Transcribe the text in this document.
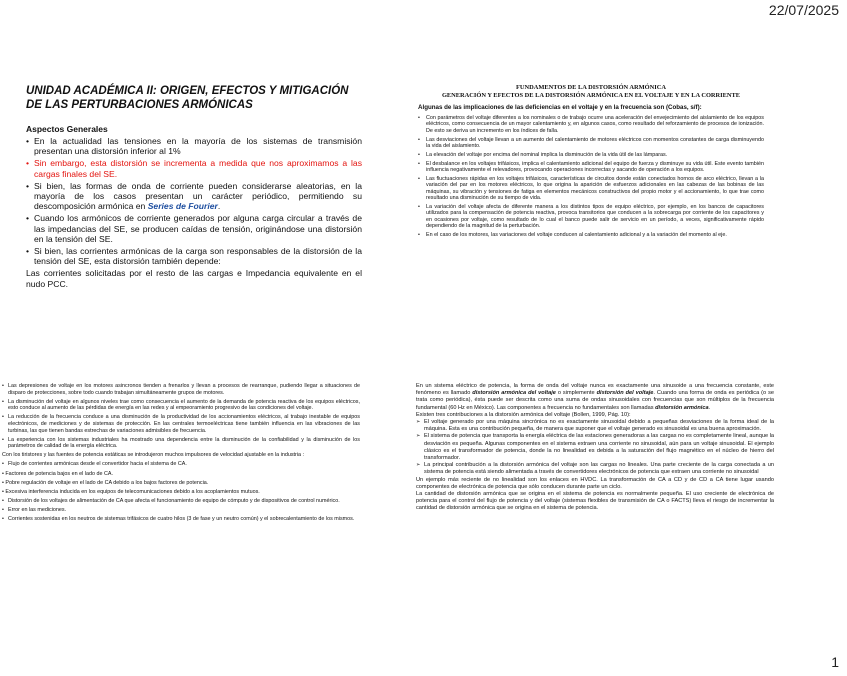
22/07/2025
UNIDAD ACADÉMICA II: ORIGEN, EFECTOS Y MITIGACIÓN DE LAS PERTURBACIONES ARMÓNICAS
Aspectos Generales
• En la actualidad las tensiones en la mayoría de los sistemas de transmisión presentan una distorsión inferior al 1%
• Sin embargo, esta distorsión se incrementa a medida que nos aproximamos a las cargas finales del SE.
• Si bien, las formas de onda de corriente pueden considerarse aleatorias, en la mayoría de los casos presentan un carácter periódico, permitiendo su descomposición armónica en Series de Fourier.
• Cuando los armónicos de corriente generados por alguna carga circular a través de las impedancias del SE, se producen caídas de tensión, originándose una distorsión en la tensión del SE.
• Si bien, las corrientes armónicas de la carga son responsables de la distorsión de la tensión del SE, esta distorsión también depende:
Las corrientes solicitadas por el resto de las cargas e Impedancia equivalente en el nudo PCC.
FUNDAMENTOS DE LA DISTORSIÓN ARMÓNICA
GENERACIÓN Y EFECTOS DE LA DISTORSIÓN ARMÓNICA EN EL VOLTAJE Y EN LA CORRIENTE
Algunas de las implicaciones de las deficiencias en el voltaje y en la frecuencia son (Cobas, s/f):
• Con parámetros del voltaje diferentes a los nominales o de trabajo ocurre una aceleración del envejecimiento del aislamiento de los equipos eléctricos, como consecuencia de un mayor calentamiento y, en algunos casos, como resultado del reforzamiento de procesos de ionización. De esto se deriva un incremento en los índices de falla.
• Las desviaciones del voltaje llevan a un aumento del calentamiento de motores eléctricos con momentos constantes de carga disminuyendo la vida del aislamiento.
• La elevación del voltaje por encima del nominal implica la disminución de la vida útil de las lámparas.
• El desbalance en los voltajes trifásicos, implica el calentamiento adicional del equipo de fuerza y disminuye su vida útil. Este evento también influencia negativamente el relevadores, provocando operaciones incorrectas y sacando de operación a los equipos.
• Las fluctuaciones rápidas en los voltajes trifásicos, características de circuitos donde están conectados hornos de arco eléctrico, llevan a la variación del par en los motores eléctricos, lo que origina la aparición de esfuerzos adicionales en las cabezas de las bobinas de las máquinas, su vibración y tensiones de fatiga en elementos mecánicos constructivos del propio motor y el accionamiento, lo que trae como resultado una disminución de su tiempo de vida.
• La variación del voltaje afecta de diferente manera a los distintos tipos de equipo eléctrico, por ejemplo, en los bancos de capacitores utilizados para la compensación de potencia reactiva, provoca transitorios que conducen a la sobrecarga por corriente de los capacitores y en ocasiones por voltaje, como resultado de lo cual el banco puede salir de servicio en un período, a veces, significativamente rápido dependiendo de la magnitud de la perturbación.
• En el caso de los motores, las variaciones del voltaje conducen al calentamiento adicional y a la variación del momento al eje.

• Las depresiones de voltaje en los motores asincronos tienden a frenarlos y llevan a procesos de rearranque, pudiendo llegar a situaciones de disparo de protecciones, sobre todo cuando trabajan simultáneamente grupos de motores.

• La disminución del voltaje en algunos niveles trae como consecuencia el aumento de la demanda de potencia reactiva de los equipos eléctricos, esto conduce al aumento de las pérdidas de energía en las redes y al empeoramiento progresivo de las condiciones del voltaje.

• La reducción de la frecuencia conduce a una disminución de la productividad de los accionamientos eléctricos, al trabajo inestable de equipos electrónicos, de mediciones y de sistemas de protección. En las centrales termoeléctricas tiene también influencia en las vibraciones de las turbinas, las que tienen bandas estrechas de variaciones admisibles de frecuencia.

• La experiencia con los sistemas industriales ha mostrado una dependencia entre la disminución de la confiabilidad y la disminución de los parámetros de calidad de la energía eléctrica.

Con los tiristores y las fuentes de potencia estáticas se introdujeron muchos impulsores de velocidad ajustable en la industria :

• Flujo de corrientes armónicas desde el convertidor hacia el sistema de CA.

• Factores de potencia bajos en el lado de CA.

• Pobre regulación de voltaje en el lado de CA debido a los bajos factores de potencia.

• Excesiva interferencia inducida en los equipos de telecomunicaciones debido a los acoplamientos mutuos.

• Distorsión de los voltajes de alimentación de CA que afecta el funcionamiento de equipo de cómputo y de dispositivos de control numérico.

• Error en las mediciones.

• Corrientes sostenidas en los neutros de sistemas trifásicos de cuatro hilos (3 de fase y un neutro común) y el sobrecalentamiento de los mismos.

En un sistema eléctrico de potencia, la forma de onda del voltaje nunca es exactamente una sinusoide a una frecuencia constante, este fenómeno es llamado distorsión armónica del voltaje o simplemente distorsión del voltaje. Cuando una forma de onda es periódica (o se trata como periódica), ésta puede ser descrita como una suma de ondas sinusoidales con frecuencias que son múltiplos de la frecuencia fundamental (60 Hz en México). Las componentes a frecuencia no fundamentales son llamadas distorsión armónica.

Existen tres contribuciones a la distorsión armónica del voltaje (Bollen, 1999, Pág. 10):

➢ El voltaje generado por una máquina sincrónica no es exactamente sinusoidal debido a pequeñas desviaciones de la forma ideal de la máquina. Esta es una contribución pequeña, de manera que suponer que el voltaje generado es sinusoidal es una buena aproximación.

➢ El sistema de potencia que transporta la energía eléctrica de las estaciones generadoras a las cargas no es completamente lineal, aunque la desviación es pequeña. Algunas componentes en el sistema extraen una corriente no sinusoidal, aún para un voltaje sinusoidal. El ejemplo clásico es el transformador de potencia, donde la no linealidad es debida a la saturación del flujo magnético en el núcleo de hierro del transformador.

➢ La principal contribución a la distorsión armónica del voltaje son las cargas no lineales. Una parte creciente de la carga conectada a un sistema de potencia está siendo alimentada a través de convertidores electrónicos de potencia que extraen una corriente no sinusoidal

Un ejemplo más reciente de no linealidad son los enlaces en HVDC. La transformación de CA a CD y de CD a CA tiene lugar usando componentes de electrónica de potencia que sólo conducen durante parte un ciclo.

La cantidad de distorsión armónica que se origina en el sistema de potencia es normalmente pequeña. El uso creciente de electrónica de potencia para el control del flujo de potencia y del voltaje (sistemas flexibles de transmisión de CA o FACTS) lleva el riesgo de incrementar la cantidad de distorsión armónica que se origina en el sistema de potencia.

1
